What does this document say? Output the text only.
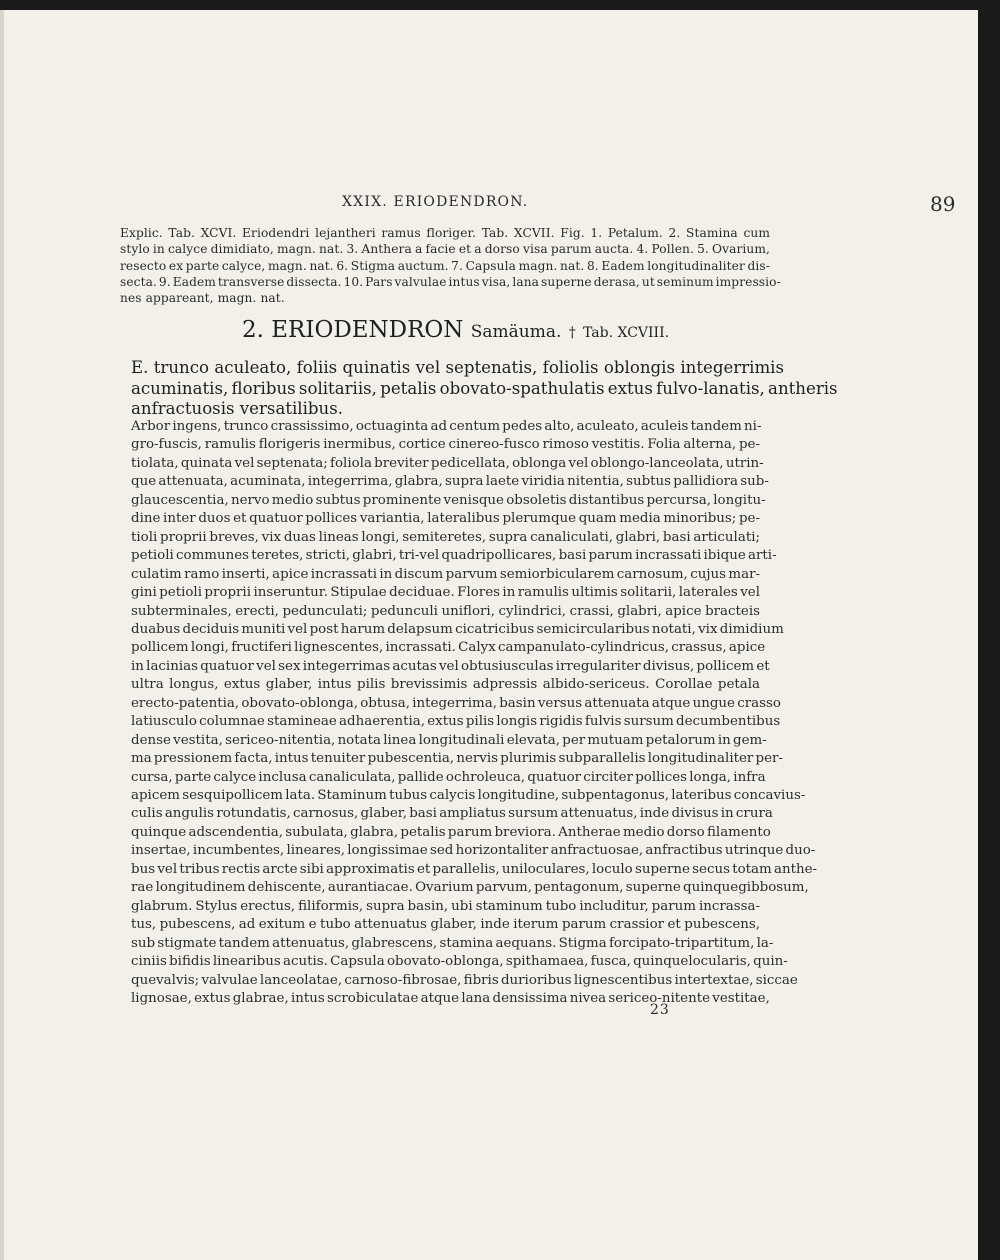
XXIX. ERIODENDRON.	89
Explic. Tab. XCVI. Eriodendri lejantheri ramus floriger. Tab. XCVII. Fig. 1. Petalum. 2. Stamina cum
stylo in calyce dimidiato, magn. nat. 3. Anthera a facie et a dorso visa parum aucta. 4. Pollen. 5. Ovarium,
resecto ex parte calyce, magn. nat. 6. Stigma auctum. 7. Capsula magn. nat. 8. Eadem longitudinaliter dis-
secta. 9. Eadem transverse dissecta. 10. Pars valvulae intus visa, lana superne derasa, ut seminum impressio-
nes appareant, magn. nat.
2. ERIODENDRON Samäuma. † Tab. XCVIII.
E. trunco aculeato, foliis quinatis vel septenatis, foliolis oblongis integerrimis
acuminatis, floribus solitariis, petalis obovato-spathulatis extus fulvo-lanatis, antheris
anfractuosis versatilibus.
Arbor ingens, trunco crassissimo, octuaginta ad centum pedes alto, aculeato, aculeis tandem ni-
gro-fuscis, ramulis florigeris inermibus, cortice cinereo-fusco rimoso vestitis. Folia alterna, pe-
tiolata, quinata vel septenata; foliola breviter pedicellata, oblonga vel oblongo-lanceolata, utrin-
que attenuata, acuminata, integerrima, glabra, supra laete viridia nitentia, subtus pallidiora sub-
glaucescentia, nervo medio subtus prominente venisque obsoletis distantibus percursa, longitu-
dine inter duos et quatuor pollices variantia, lateralibus plerumque quam media minoribus; pe-
tioli proprii breves, vix duas lineas longi, semiteretes, supra canaliculati, glabri, basi articulati;
petioli communes teretes, stricti, glabri, tri-vel quadripollicares, basi parum incrassati ibique arti-
culatim ramo inserti, apice incrassati in discum parvum semiorbicularem carnosum, cujus mar-
gini petioli proprii inseruntur. Stipulae deciduae. Flores in ramulis ultimis solitarii, laterales vel
subterminales, erecti, pedunculati; pedunculi uniflori, cylindrici, crassi, glabri, apice bracteis
duabus deciduis muniti vel post harum delapsum cicatricibus semicircularibus notati, vix dimidium
pollicem longi, fructiferi lignescentes, incrassati. Calyx campanulato-cylindricus, crassus, apice
in lacinias quatuor vel sex integerrimas acutas vel obtusiusculas irregulariter divisus, pollicem et
ultra longus, extus glaber, intus pilis brevissimis adpressis albido-sericeus. Corollae petala
erecto-patentia, obovato-oblonga, obtusa, integerrima, basin versus attenuata atque ungue crasso
latiusculo columnae stamineae adhaerentia, extus pilis longis rigidis fulvis sursum decumbentibus
dense vestita, sericeo-nitentia, notata linea longitudinali elevata, per mutuam petalorum in gem-
ma pressionem facta, intus tenuiter pubescentia, nervis plurimis subparallelis longitudinaliter per-
cursa, parte calyce inclusa canaliculata, pallide ochroleuca, quatuor circiter pollices longa, infra
apicem sesquipollicem lata. Staminum tubus calycis longitudine, subpentagonus, lateribus concavius-
culis angulis rotundatis, carnosus, glaber, basi ampliatus sursum attenuatus, inde divisus in crura
quinque adscendentia, subulata, glabra, petalis parum breviora. Antherae medio dorso filamento
insertae, incumbentes, lineares, longissimae sed horizontaliter anfractuosae, anfractibus utrinque duo-
bus vel tribus rectis arcte sibi approximatis et parallelis, uniloculares, loculo superne secus totam anthe-
rae longitudinem dehiscente, aurantiacae. Ovarium parvum, pentagonum, superne quinquegibbosum,
glabrum. Stylus erectus, filiformis, supra basin, ubi staminum tubo includitur, parum incrassa-
tus, pubescens, ad exitum e tubo attenuatus glaber, inde iterum parum crassior et pubescens,
sub stigmate tandem attenuatus, glabrescens, stamina aequans. Stigma forcipato-tripartitum, la-
ciniis bifidis linearibus acutis. Capsula obovato-oblonga, spithamaea, fusca, quinquelocularis, quin-
quevalvis; valvulae lanceolatae, carnoso-fibrosae, fibris durioribus lignescentibus intertextae, siccae
lignosae, extus glabrae, intus scrobiculatae atque lana densissima nivea sericeo-nitente vestitae,
23
